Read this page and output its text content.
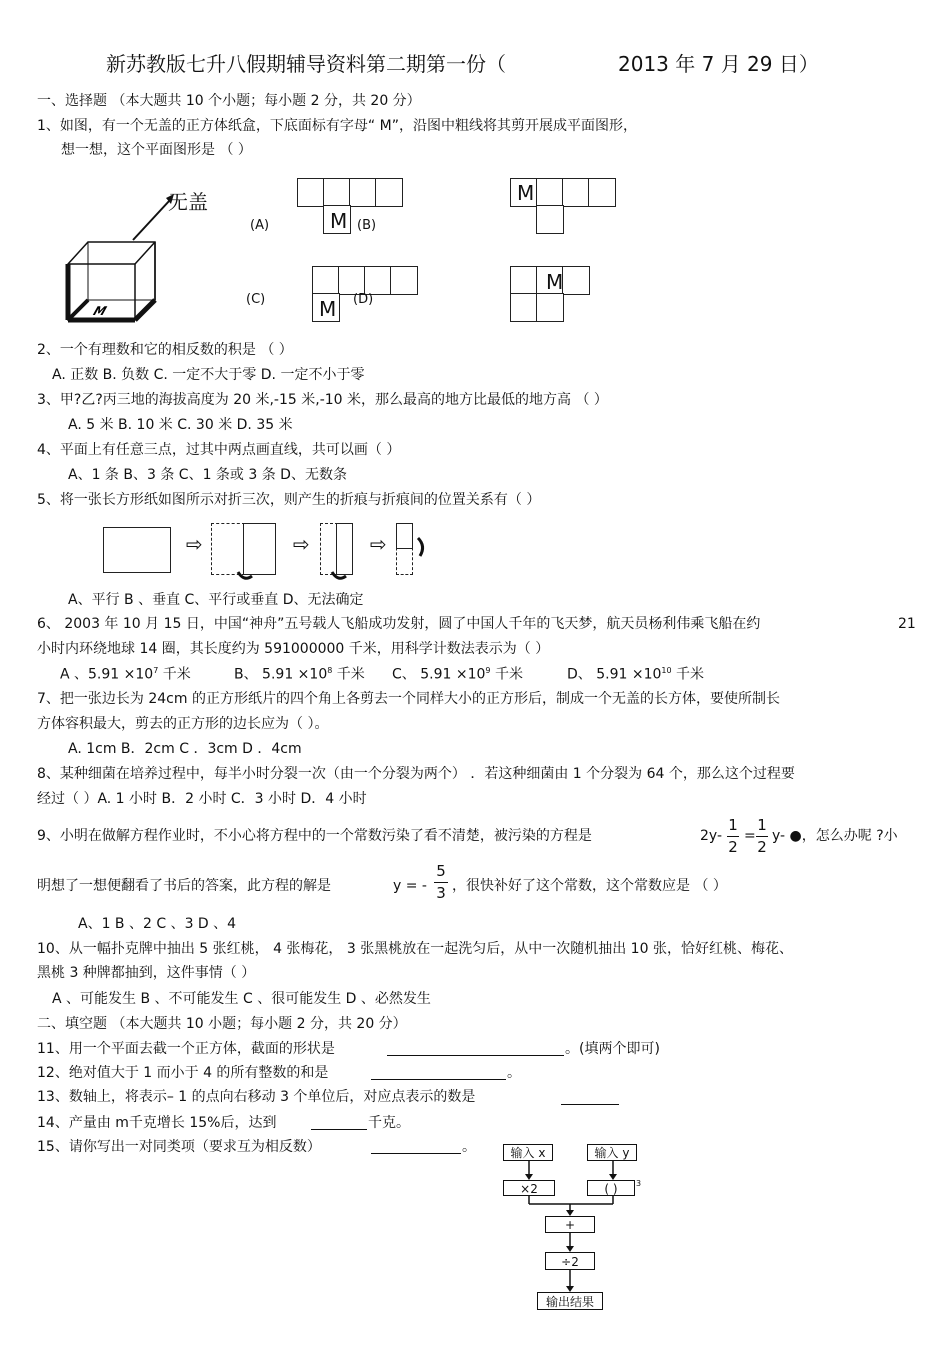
新苏教版七升八假期辅导资料第二期第一份（	2013 年 7 月 29 日）
一、选择题 （本大题共 10 个小题；每小题 2 分，共 20 分）
1、如图，有一个无盖的正方体纸盒，下底面标有字母“ M”，沿图中粗线将其剪开展成平面图形，
想一想，这个平面图形是 （ ）
M
无盖
M
(A)	(B)
M
M
(C)	(D)
M
2、一个有理数和它的相反数的积是 （ ）
A. 正数 B. 负数 C. 一定不大于零 D. 一定不小于零
3、甲?乙?丙三地的海拔高度为 20 米,-15 米,-10 米，那么最高的地方比最低的地方高 （ ）
A. 5 米 B. 10 米 C. 30 米 D. 35 米
4、平面上有任意三点，过其中两点画直线，共可以画（ ）
A、1 条 B、3 条 C、1 条或 3 条 D、无数条
5、将一张长方形纸如图所示对折三次，则产生的折痕与折痕间的位置关系有（ ）
⇨	⇨	⇨
A、平行 B 、垂直 C、平行或垂直 D、无法确定
6、 2003 年 10 月 15 日，中国“神舟”五号载人飞船成功发射，圆了中国人千年的飞天梦，航天员杨利伟乘飞船在约	21
小时内环绕地球 14 圈，其长度约为 591000000 千米，用科学计数法表示为（ ）
A 、$5.91 \times 10^7$ 千米	B、 $5.91 \times 10^8$ 千米 C、 $5.91 \times 10^9$ 千米	D、 $5.91 \times 10^{10}$ 千米
7、把一张边长为 24cm 的正方形纸片的四个角上各剪去一个同样大小的正方形后，制成一个无盖的长方体，要使所制长
方体容积最大，剪去的正方形的边长应为（ ）。
A. 1cm B．2cm C ．3cm D ．4cm
8、某种细菌在培养过程中，每半小时分裂一次（由一个分裂为两个） ．若这种细菌由 1 个分裂为 64 个，那么这个过程要
经过（ ）A. 1 小时 B．2 小时 C．3 小时 D．4 小时
9、小明在做解方程作业时，不小心将方程中的一个常数污染了看不清楚，被污染的方程是	2y-
1
2
=
1
2
y- ●，怎么办呢 ?小
明想了一想便翻看了书后的答案，此方程的解是	y = -
5
3 ，很快补好了这个常数，这个常数应是 （ ）
A、1 B 、2 C 、3 D 、4
10、从一幅扑克牌中抽出 5 张红桃， 4 张梅花， 3 张黑桃放在一起洗匀后，从中一次随机抽出 10 张，恰好红桃、梅花、
黑桃 3 种牌都抽到，这件事情（ ）
A 、可能发生 B 、不可能发生 C 、很可能发生 D 、必然发生
二、填空题 （本大题共 10 小题；每小题 2 分，共 20 分）
11、用一个平面去截一个正方体，截面的形状是	。(填两个即可)
12、绝对值大于 1 而小于 4 的所有整数的和是	。
13、数轴上，将表示– 1 的点向右移动 3 个单位后，对应点表示的数是
14、产量由 m千克增长 15%后，达到	千克。
15、请你写出一对同类项（要求互为相反数）	。	输入 x	输入 y
×2	( )	3
+
÷2
输出结果
